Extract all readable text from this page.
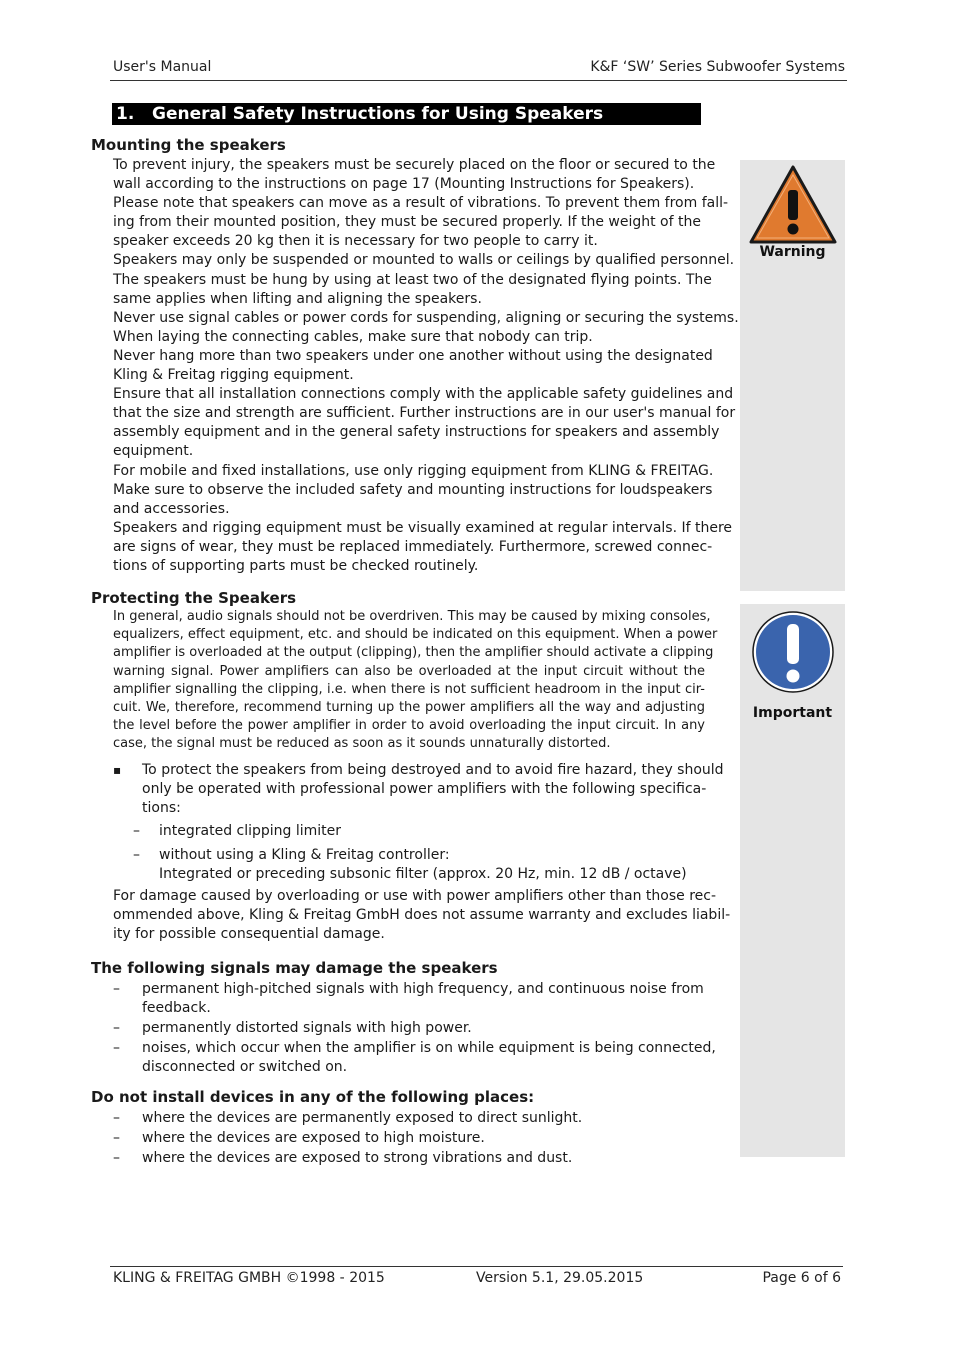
User's Manual	K&F ‘SW’ Series Subwoofer Systems
1.   General Safety Instructions for Using Speakers
Warning
Important
Mounting the speakers
To prevent injury, the speakers must be securely placed on the floor or secured to the
wall according to the instructions on page 17 (Mounting Instructions for Speakers).
Please note that speakers can move as a result of vibrations. To prevent them from fall-
ing from their mounted position, they must be secured properly. If the weight of the
speaker exceeds 20 kg then it is necessary for two people to carry it.
Speakers may only be suspended or mounted to walls or ceilings by qualified personnel.
The speakers must be hung by using at least two of the designated flying points. The
same applies when lifting and aligning the speakers.
Never use signal cables or power cords for suspending, aligning or securing the systems.
When laying the connecting cables, make sure that nobody can trip.
Never hang more than two speakers under one another without using the designated
Kling & Freitag rigging equipment.
Ensure that all installation connections comply with the applicable safety guidelines and
that the size and strength are sufficient. Further instructions are in our user's manual for
assembly equipment and in the general safety instructions for speakers and assembly
equipment.
For mobile and fixed installations, use only rigging equipment from KLING & FREITAG.
Make sure to observe the included safety and mounting instructions for loudspeakers
and accessories.
Speakers and rigging equipment must be visually examined at regular intervals. If there
are signs of wear, they must be replaced immediately. Furthermore, screwed connec-
tions of supporting parts must be checked routinely.
Protecting the Speakers
In general, audio signals should not be overdriven. This may be caused by mixing consoles,
equalizers, effect equipment, etc. and should be indicated on this equipment. When a power
amplifier is overloaded at the output (clipping), then the amplifier should activate a clipping
warning signal. Power amplifiers can also be overloaded at the input circuit without the
amplifier signalling the clipping, i.e. when there is not sufficient headroom in the input cir-
cuit. We, therefore, recommend turning up the power amplifiers all the way and adjusting
the level before the power amplifier in order to avoid overloading the input circuit. In any
case, the signal must be reduced as soon as it sounds unnaturally distorted.
▪ To protect the speakers from being destroyed and to avoid fire hazard, they should
only be operated with professional power amplifiers with the following specifica-
tions:
–	integrated clipping limiter
–	without using a Kling & Freitag controller:
Integrated or preceding subsonic filter (approx. 20 Hz, min. 12 dB / octave)
For damage caused by overloading or use with power amplifiers other than those rec-
ommended above, Kling & Freitag GmbH does not assume warranty and excludes liabil-
ity for possible consequential damage.
The following signals may damage the speakers
–	permanent high-pitched signals with high frequency, and continuous noise from
feedback.
–	permanently distorted signals with high power.
–	noises, which occur when the amplifier is on while equipment is being connected,
disconnected or switched on.
Do not install devices in any of the following places:
–	where the devices are permanently exposed to direct sunlight.
–	where the devices are exposed to high moisture.
–	where the devices are exposed to strong vibrations and dust.
KLING & FREITAG GMBH ©1998 - 2015	Version 5.1, 29.05.2015	Page 6 of 6
